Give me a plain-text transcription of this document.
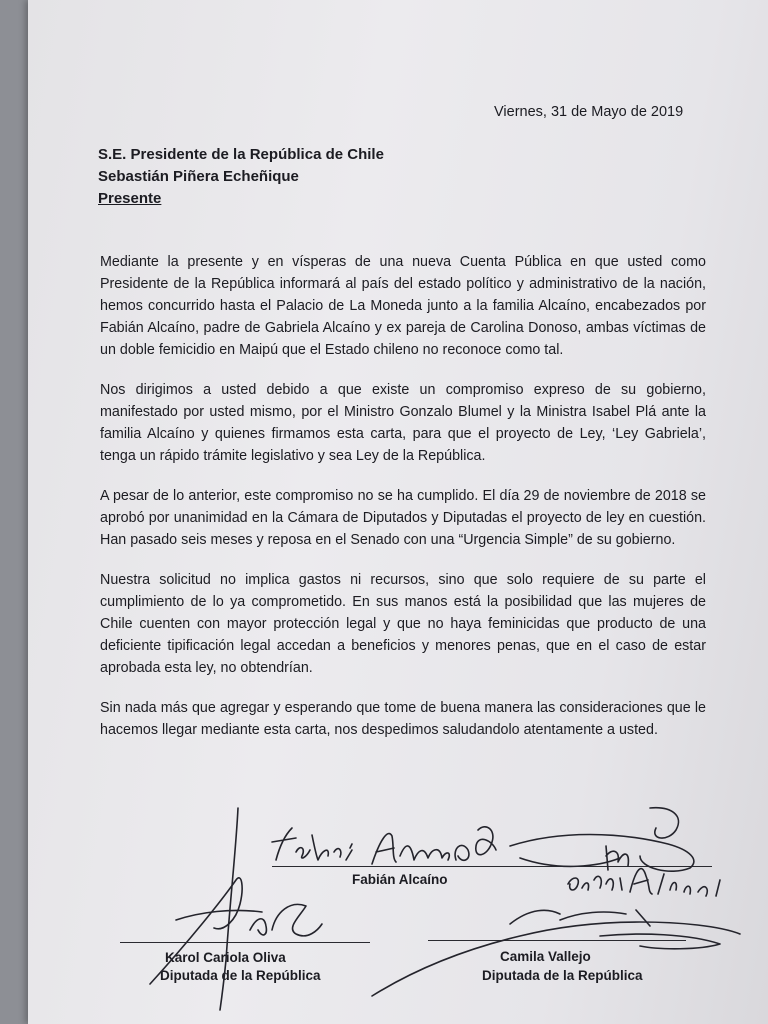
Viernes, 31 de Mayo de 2019
S.E. Presidente de la República de Chile
Sebastián Piñera Echeñique
Presente

Mediante la presente y en vísperas de una nueva Cuenta Pública en que usted como Presidente de la República informará al país del estado político y administrativo de la nación, hemos concurrido hasta el Palacio de La Moneda junto a la familia Alcaíno, encabezados por Fabián Alcaíno, padre de Gabriela Alcaíno y ex pareja de Carolina Donoso, ambas víctimas de un doble femicidio en Maipú que el Estado chileno no reconoce como tal.

Nos dirigimos a usted debido a que existe un compromiso expreso de su gobierno, manifestado por usted mismo, por el Ministro Gonzalo Blumel y la Ministra Isabel Plá ante la familia Alcaíno y quienes firmamos esta carta, para que el proyecto de Ley, ‘Ley Gabriela’, tenga un rápido trámite legislativo y sea Ley de la República.

A pesar de lo anterior, este compromiso no se ha cumplido. El día 29 de noviembre de 2018 se aprobó por unanimidad en la Cámara de Diputados y Diputadas el proyecto de ley en cuestión. Han pasado seis meses y reposa en el Senado con una “Urgencia Simple” de su gobierno.

Nuestra solicitud no implica gastos ni recursos, sino que solo requiere de su parte el cumplimiento de lo ya comprometido. En sus manos está la posibilidad que las mujeres de Chile cuenten con mayor protección legal y que no haya feminicidas que producto de una deficiente tipificación legal accedan a beneficios y menores penas, que en el caso de estar aprobada esta ley, no obtendrían.

Sin nada más que agregar y esperando que tome de buena manera las consideraciones que le hacemos llegar mediante esta carta, nos despedimos saludandolo atentamente a usted.

Fabián Alcaíno
Karol Cariola Oliva
Diputada de la República
Camila Vallejo
Diputada de la República
